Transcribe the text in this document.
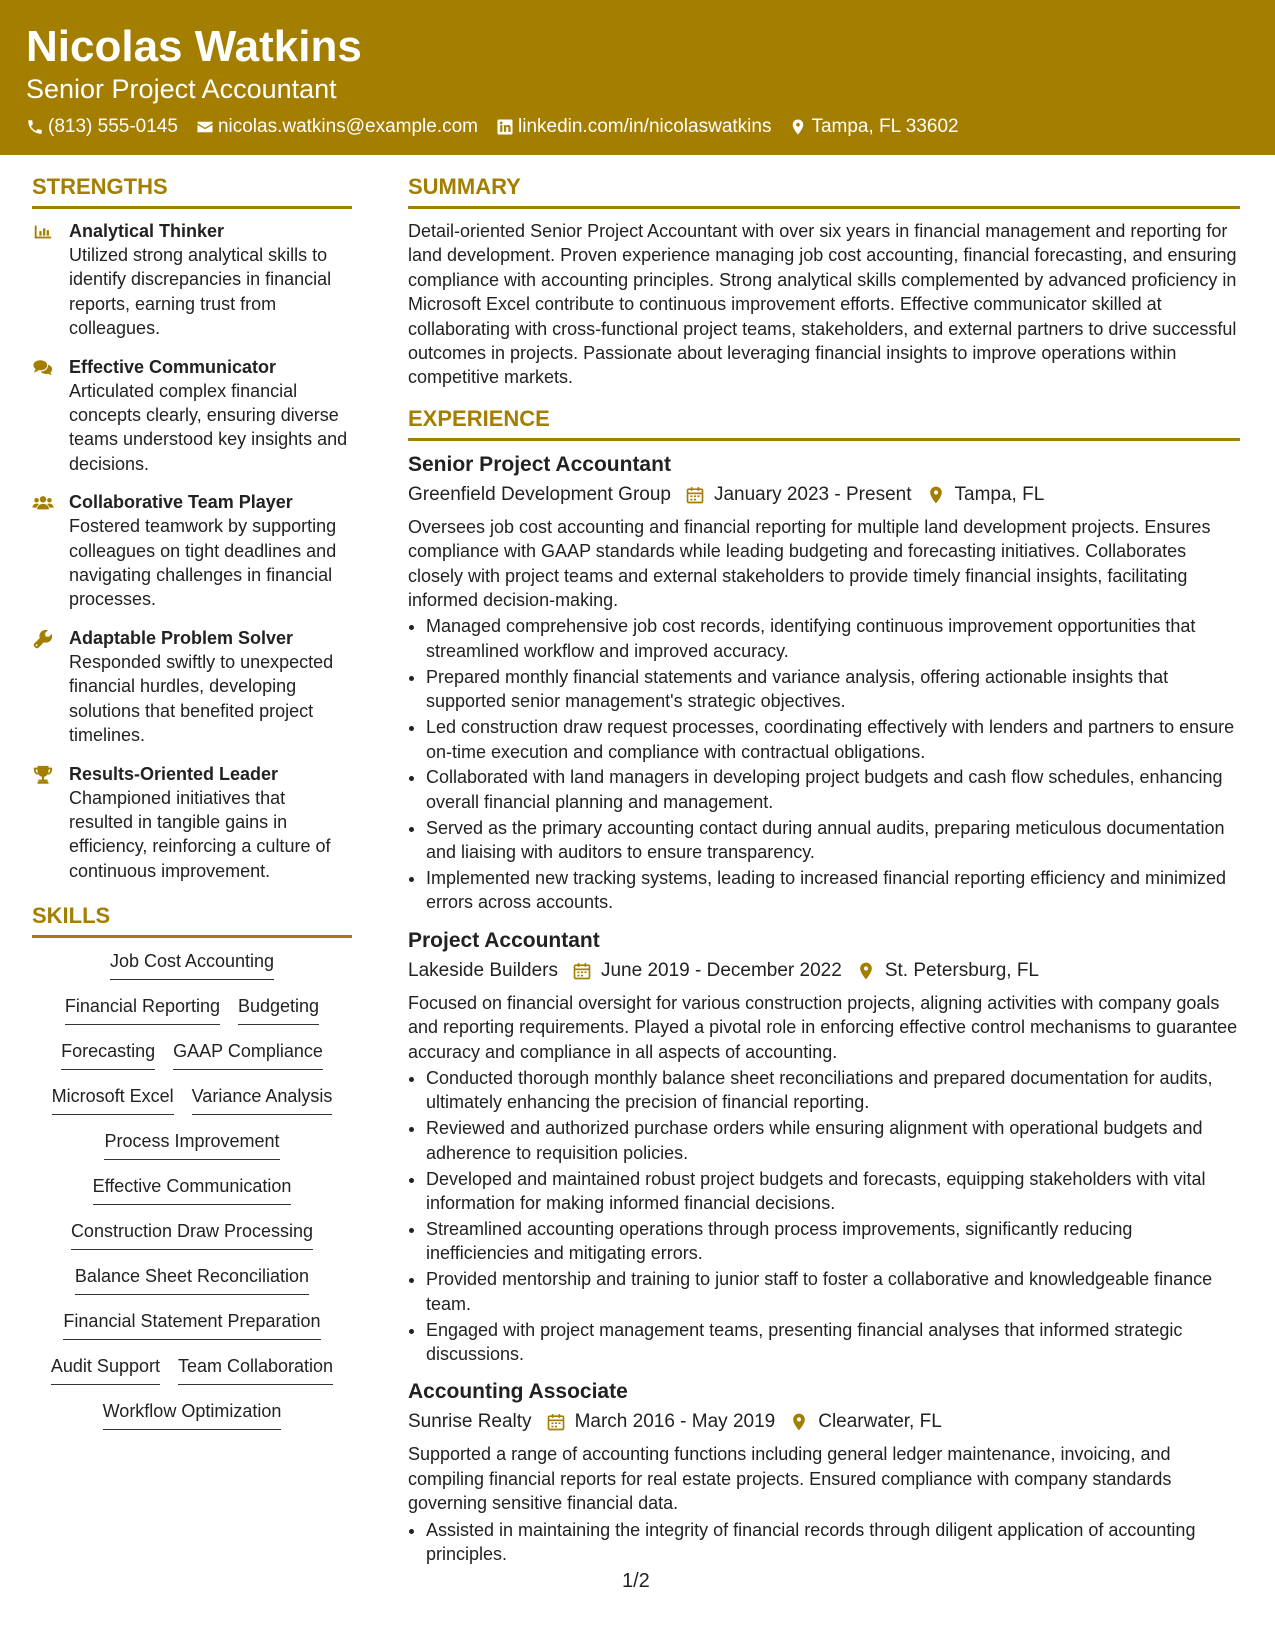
Nicolas Watkins
Senior Project Accountant
(813) 555-0145 nicolas.watkins@example.com linkedin.com/in/nicolaswatkins Tampa, FL 33602
STRENGTHS
Analytical Thinker
Utilized strong analytical skills to identify discrepancies in financial reports, earning trust from colleagues.
Effective Communicator
Articulated complex financial concepts clearly, ensuring diverse teams understood key insights and decisions.
Collaborative Team Player
Fostered teamwork by supporting colleagues on tight deadlines and navigating challenges in financial processes.
Adaptable Problem Solver
Responded swiftly to unexpected financial hurdles, developing solutions that benefited project timelines.
Results-Oriented Leader
Championed initiatives that resulted in tangible gains in efficiency, reinforcing a culture of continuous improvement.
SKILLS
Job Cost Accounting
Financial Reporting Budgeting
Forecasting GAAP Compliance
Microsoft Excel Variance Analysis
Process Improvement
Effective Communication
Construction Draw Processing
Balance Sheet Reconciliation
Financial Statement Preparation
Audit Support Team Collaboration
Workflow Optimization
SUMMARY
Detail-oriented Senior Project Accountant with over six years in financial management and reporting for land development. Proven experience managing job cost accounting, financial forecasting, and ensuring compliance with accounting principles. Strong analytical skills complemented by advanced proficiency in Microsoft Excel contribute to continuous improvement efforts. Effective communicator skilled at collaborating with cross-functional project teams, stakeholders, and external partners to drive successful outcomes in projects. Passionate about leveraging financial insights to improve operations within competitive markets.
EXPERIENCE
Senior Project Accountant
Greenfield Development Group January 2023 - Present Tampa, FL
Oversees job cost accounting and financial reporting for multiple land development projects. Ensures compliance with GAAP standards while leading budgeting and forecasting initiatives. Collaborates closely with project teams and external stakeholders to provide timely financial insights, facilitating informed decision-making.
• Managed comprehensive job cost records, identifying continuous improvement opportunities that streamlined workflow and improved accuracy.
• Prepared monthly financial statements and variance analysis, offering actionable insights that supported senior management's strategic objectives.
• Led construction draw request processes, coordinating effectively with lenders and partners to ensure on-time execution and compliance with contractual obligations.
• Collaborated with land managers in developing project budgets and cash flow schedules, enhancing overall financial planning and management.
• Served as the primary accounting contact during annual audits, preparing meticulous documentation and liaising with auditors to ensure transparency.
• Implemented new tracking systems, leading to increased financial reporting efficiency and minimized errors across accounts.
Project Accountant
Lakeside Builders June 2019 - December 2022 St. Petersburg, FL
Focused on financial oversight for various construction projects, aligning activities with company goals and reporting requirements. Played a pivotal role in enforcing effective control mechanisms to guarantee accuracy and compliance in all aspects of accounting.
• Conducted thorough monthly balance sheet reconciliations and prepared documentation for audits, ultimately enhancing the precision of financial reporting.
• Reviewed and authorized purchase orders while ensuring alignment with operational budgets and adherence to requisition policies.
• Developed and maintained robust project budgets and forecasts, equipping stakeholders with vital information for making informed financial decisions.
• Streamlined accounting operations through process improvements, significantly reducing inefficiencies and mitigating errors.
• Provided mentorship and training to junior staff to foster a collaborative and knowledgeable finance team.
• Engaged with project management teams, presenting financial analyses that informed strategic discussions.
Accounting Associate
Sunrise Realty March 2016 - May 2019 Clearwater, FL
Supported a range of accounting functions including general ledger maintenance, invoicing, and compiling financial reports for real estate projects. Ensured compliance with company standards governing sensitive financial data.
• Assisted in maintaining the integrity of financial records through diligent application of accounting principles.
1/2
